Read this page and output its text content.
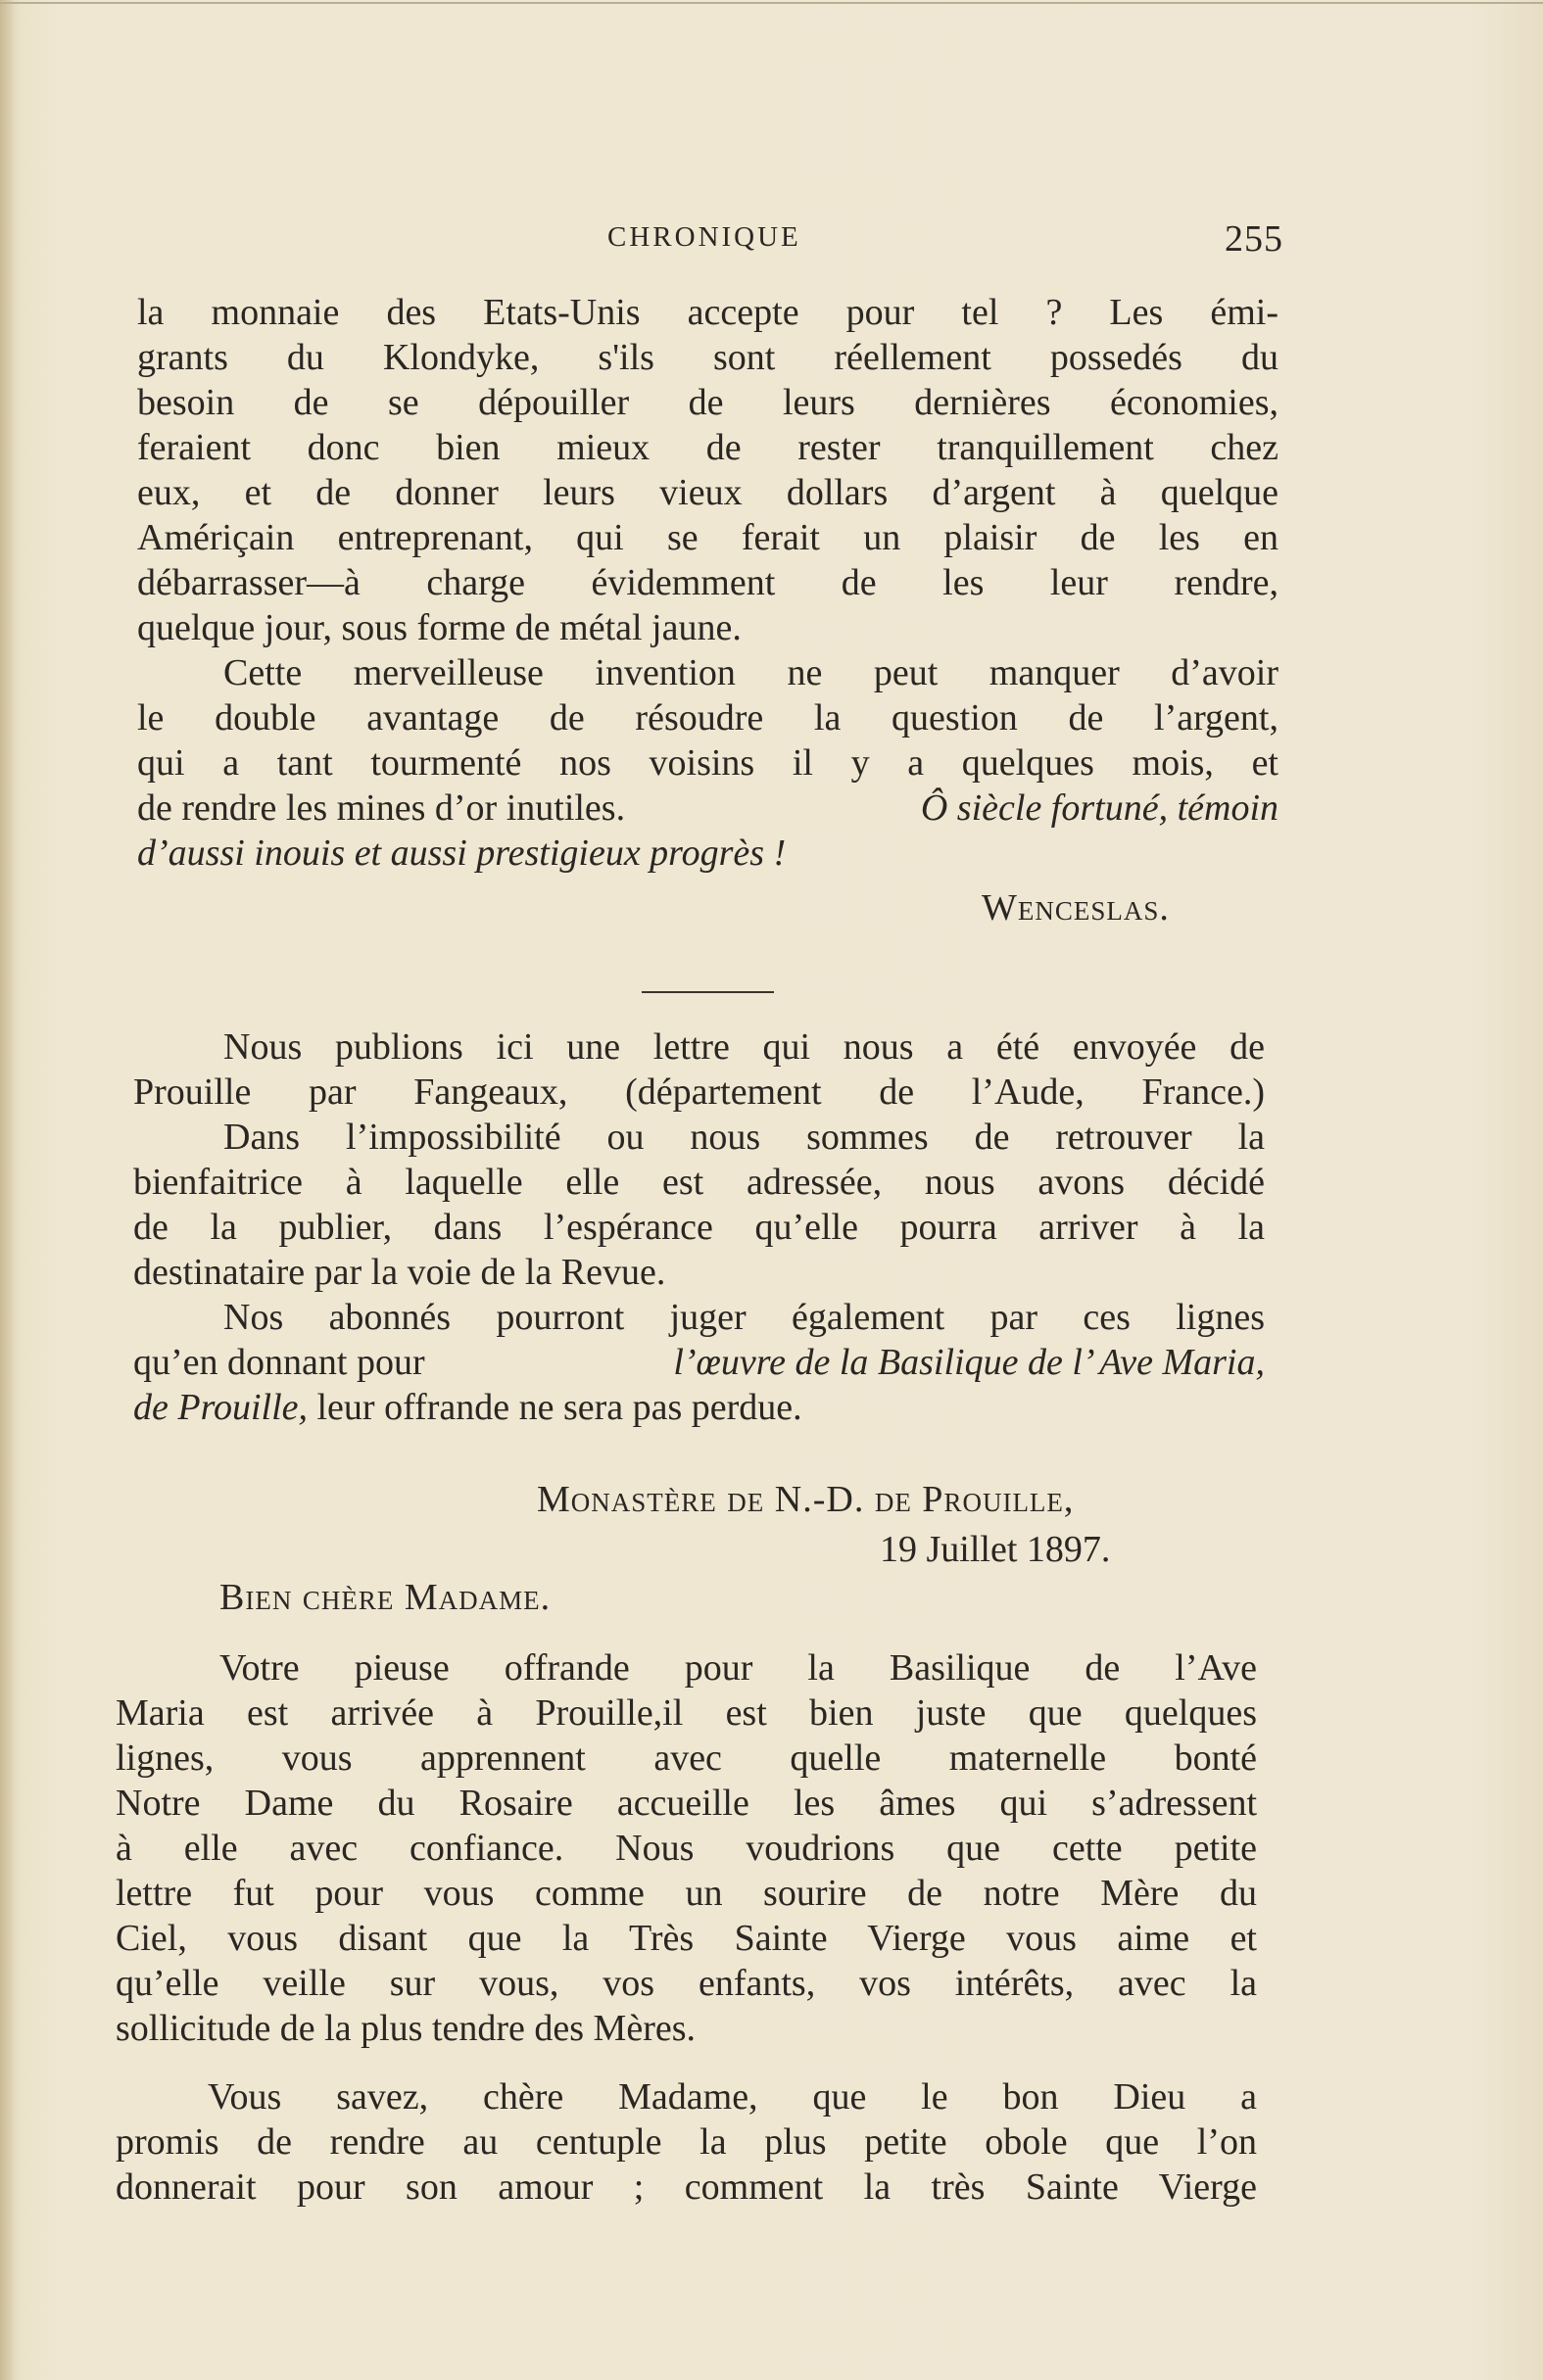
CHRONIQUE	255
la monnaie des Etats-Unis accepte pour tel ? Les émi-
grants du Klondyke, s'ils sont réellement possedés du
besoin de se dépouiller de leurs dernières économies,
feraient donc bien mieux de rester tranquillement chez
eux, et de donner leurs vieux dollars d’argent à quelque
Amériçain entreprenant, qui se ferait un plaisir de les en
débarrasser—à charge évidemment de les leur rendre,
quelque jour, sous forme de métal jaune.
Cette merveilleuse invention ne peut manquer d’avoir
le double avantage de résoudre la question de l’argent,
qui a tant tourmenté nos voisins il y a quelques mois, et
de rendre les mines d’or inutiles.	Ô siècle fortuné, témoin
d’aussi inouis et aussi prestigieux progrès !
Wenceslas.
Nous publions ici une lettre qui nous a été envoyée de
Prouille par Fangeaux, (département de l’Aude, France.)
Dans l’impossibilité ou nous sommes de retrouver la
bienfaitrice à laquelle elle est adressée, nous avons décidé
de la publier, dans l’espérance qu’elle pourra arriver à la
destinataire par la voie de la Revue.
Nos abonnés pourront juger également par ces lignes
qu’en donnant pour	l’œuvre de la Basilique de l’ Ave Maria,
de Prouille, leur offrande ne sera pas perdue.
Monastère de N.-D. de Prouille,
19 Juillet 1897.
Bien chère Madame.
Votre pieuse offrande pour la Basilique de l’Ave
Maria est arrivée à Prouille,il est bien juste que quelques
lignes, vous apprennent avec quelle maternelle bonté
Notre Dame du Rosaire accueille les âmes qui s’adressent
à elle avec confiance. Nous voudrions que cette petite
lettre fut pour vous comme un sourire de notre Mère du
Ciel, vous disant que la Très Sainte Vierge vous aime et
qu’elle veille sur vous, vos enfants, vos intérêts, avec la
sollicitude de la plus tendre des Mères.
Vous savez, chère Madame, que le bon Dieu a
promis de rendre au centuple la plus petite obole que l’on
donnerait pour son amour ; comment la très Sainte Vierge
